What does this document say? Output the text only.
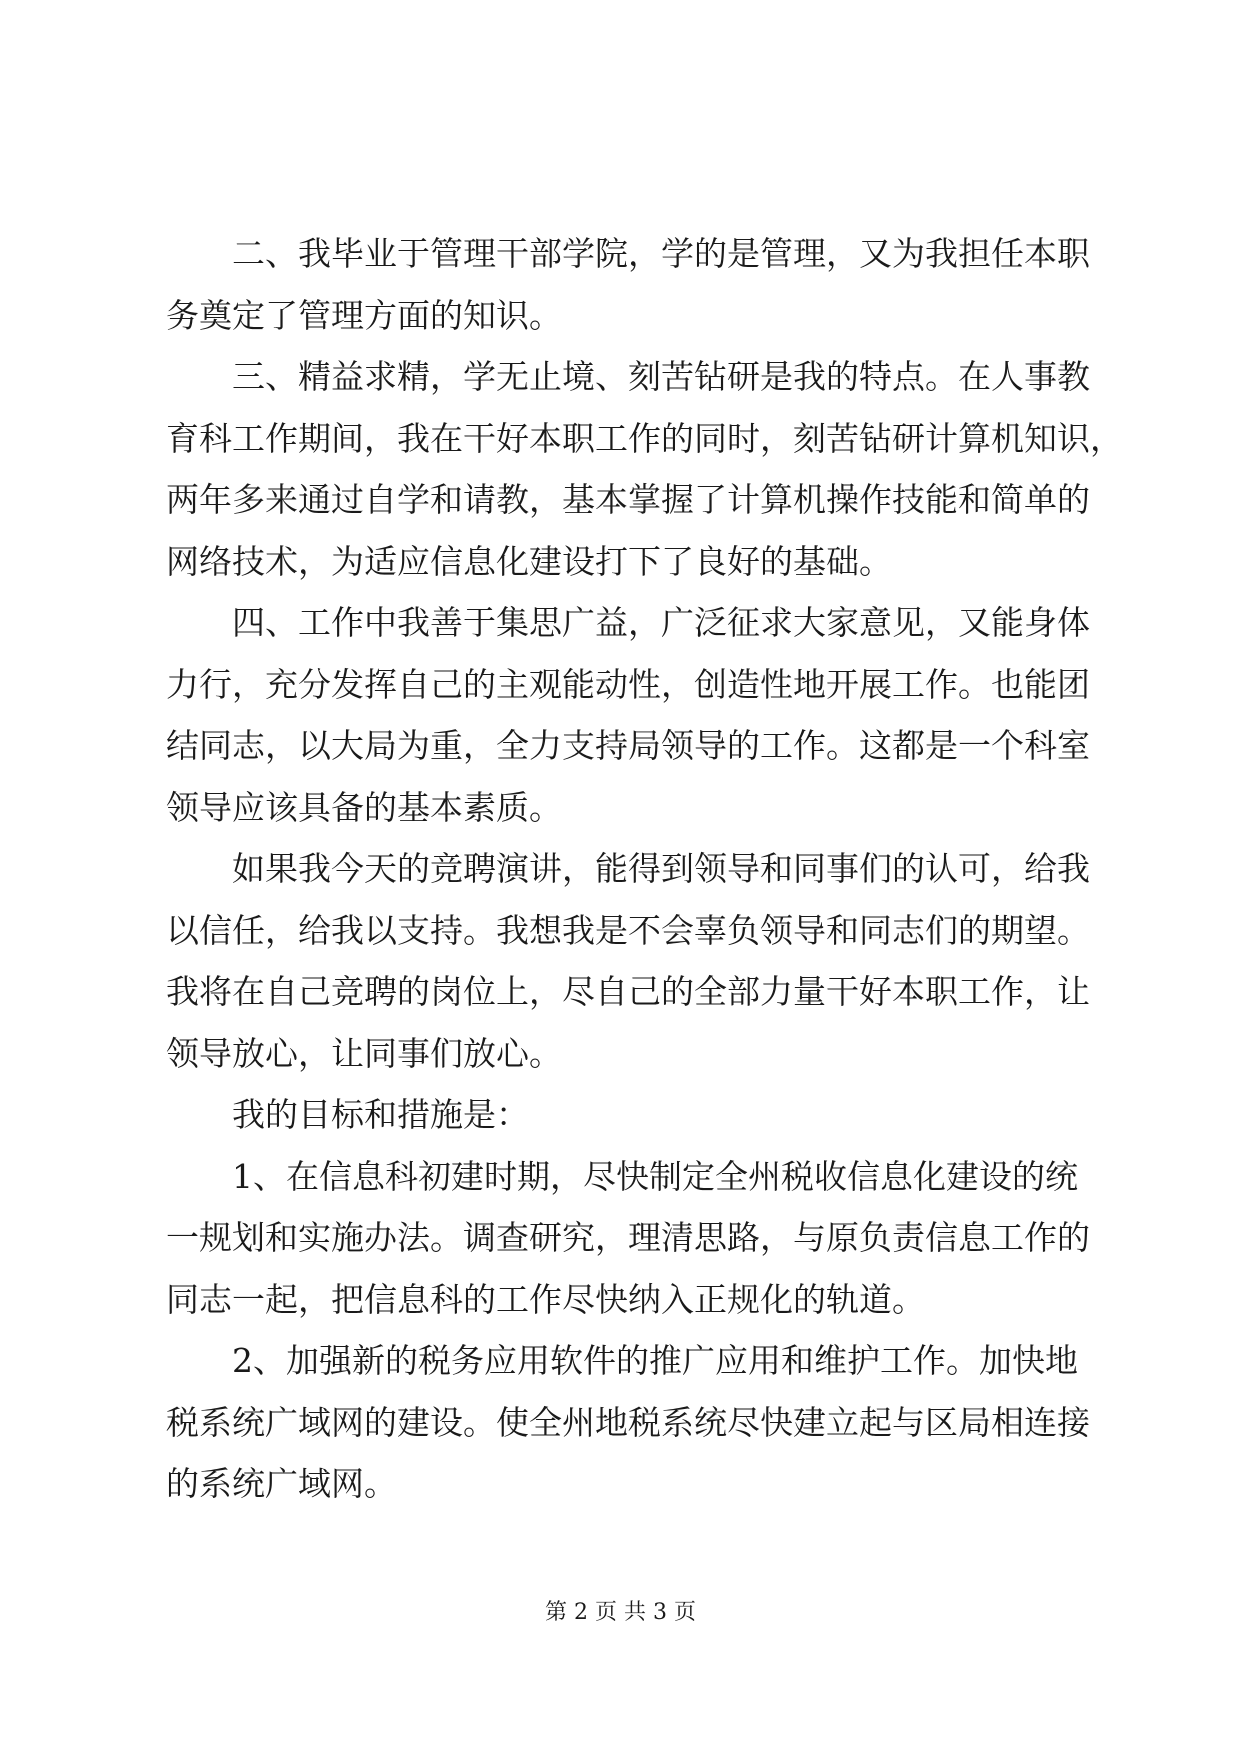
二、我毕业于管理干部学院，学的是管理，又为我担任本职
务奠定了管理方面的知识。
三、精益求精，学无止境、刻苦钻研是我的特点。在人事教
育科工作期间，我在干好本职工作的同时，刻苦钻研计算机知识，
两年多来通过自学和请教，基本掌握了计算机操作技能和简单的
网络技术，为适应信息化建设打下了良好的基础。
四、工作中我善于集思广益，广泛征求大家意见，又能身体
力行，充分发挥自己的主观能动性，创造性地开展工作。也能团
结同志，以大局为重，全力支持局领导的工作。这都是一个科室
领导应该具备的基本素质。
如果我今天的竞聘演讲，能得到领导和同事们的认可，给我
以信任，给我以支持。我想我是不会辜负领导和同志们的期望。
我将在自己竞聘的岗位上，尽自己的全部力量干好本职工作，让
领导放心，让同事们放心。
我的目标和措施是：
1、在信息科初建时期，尽快制定全州税收信息化建设的统
一规划和实施办法。调查研究，理清思路，与原负责信息工作的
同志一起，把信息科的工作尽快纳入正规化的轨道。
2、加强新的税务应用软件的推广应用和维护工作。加快地
税系统广域网的建设。使全州地税系统尽快建立起与区局相连接
的系统广域网。
第 2 页 共 3 页
